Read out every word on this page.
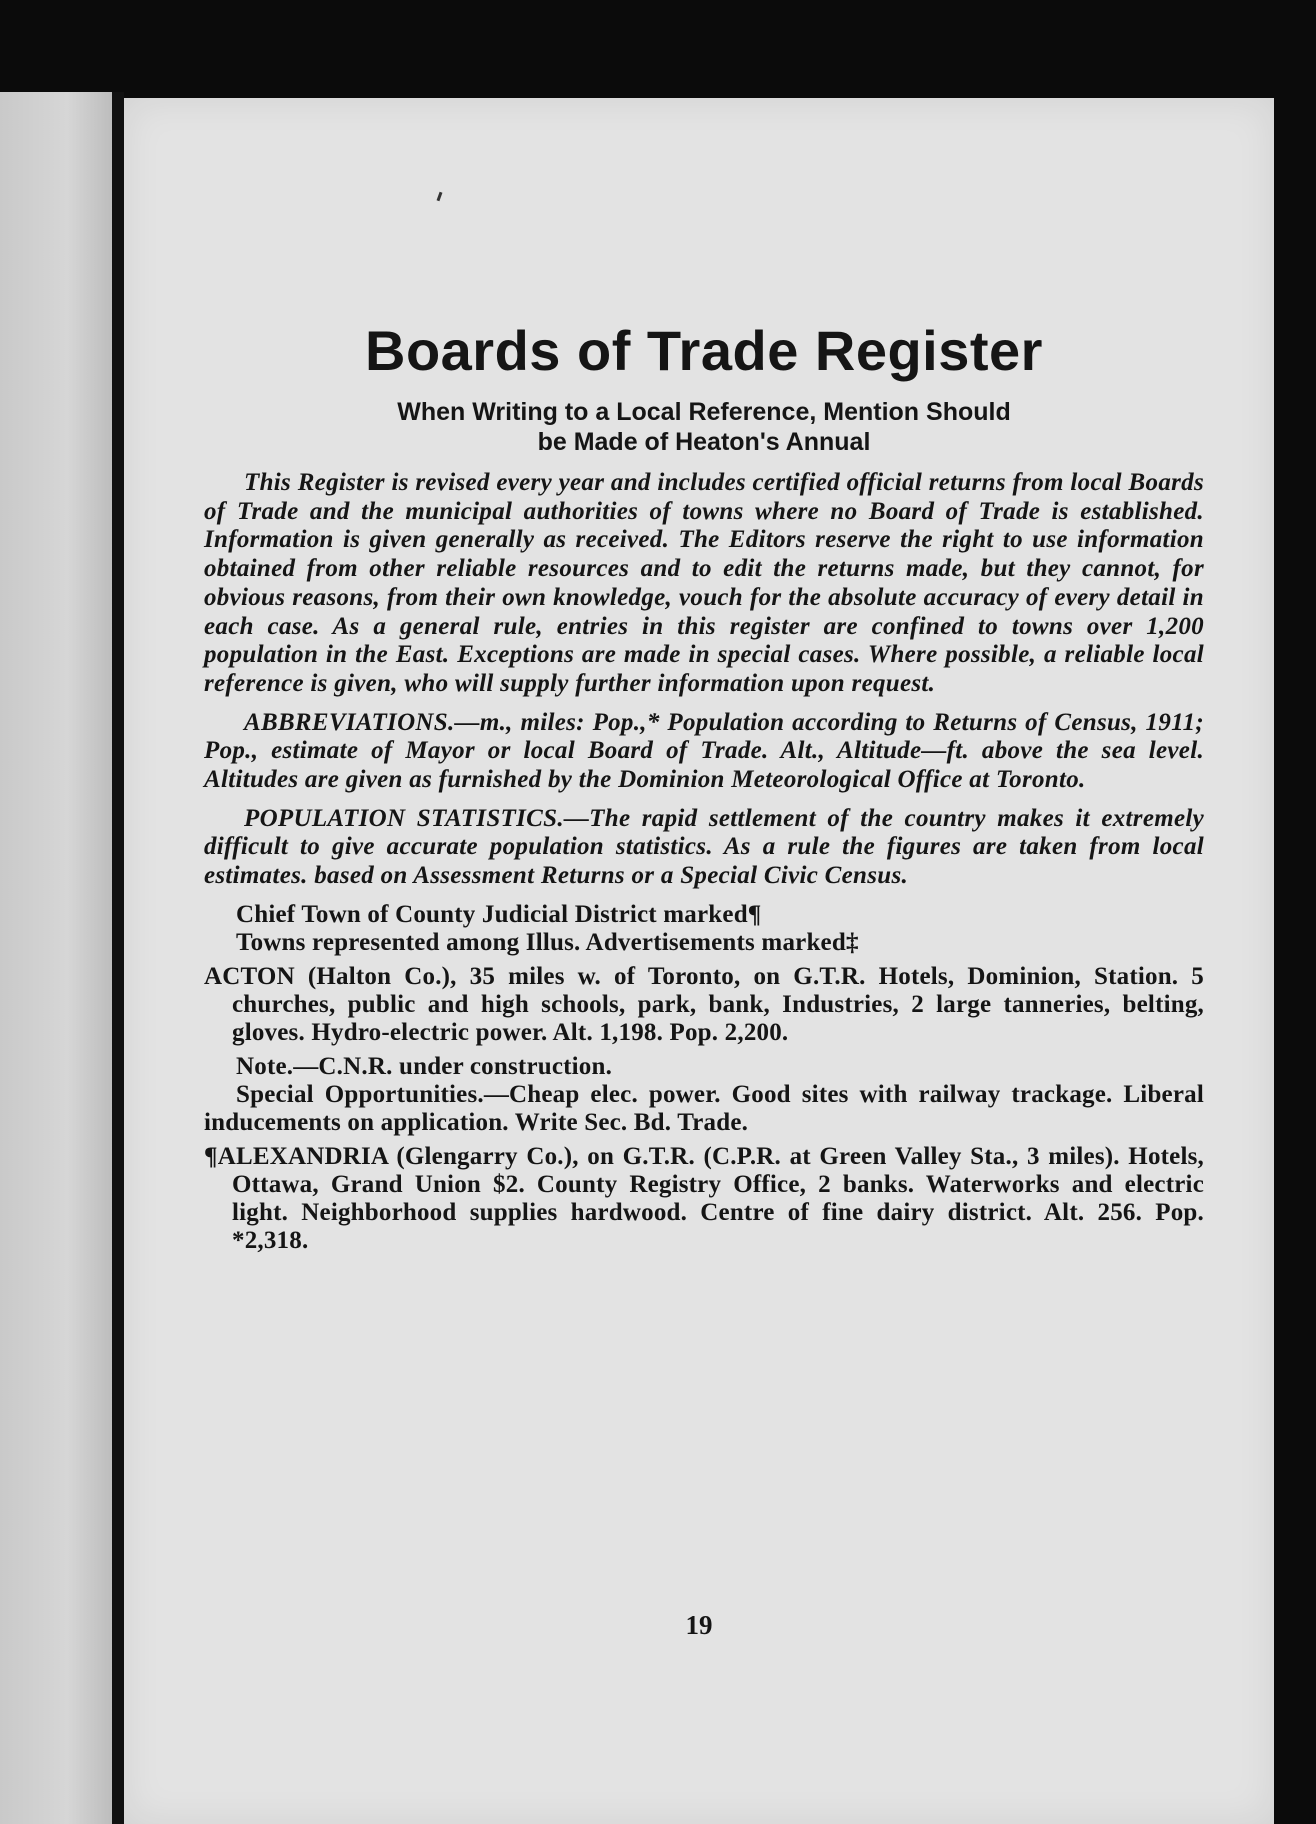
Boards of Trade Register
When Writing to a Local Reference, Mention Should
be Made of Heaton's Annual

This Register is revised every year and includes certified official returns from local Boards of Trade and the municipal authorities of towns where no Board of Trade is established. Information is given generally as received. The Editors reserve the right to use information obtained from other reliable resources and to edit the returns made, but they cannot, for obvious reasons, from their own knowledge, vouch for the absolute accuracy of every detail in each case. As a general rule, entries in this register are confined to towns over 1,200 population in the East. Exceptions are made in special cases. Where possible, a reliable local reference is given, who will supply further information upon request.

ABBREVIATIONS.—m., miles: Pop.,* Population according to Returns of Census, 1911; Pop., estimate of Mayor or local Board of Trade. Alt., Altitude—ft. above the sea level. Altitudes are given as furnished by the Dominion Meteorological Office at Toronto.

POPULATION STATISTICS.—The rapid settlement of the country makes it extremely difficult to give accurate population statistics. As a rule the figures are taken from local estimates. based on Assessment Returns or a Special Civic Census.

Chief Town of County Judicial District marked¶

Towns represented among Illus. Advertisements marked‡

ACTON (Halton Co.), 35 miles w. of Toronto, on G.T.R. Hotels, Dominion, Station. 5 churches, public and high schools, park, bank, Industries, 2 large tanneries, belting, gloves. Hydro-electric power. Alt. 1,198. Pop. 2,200.

Note.—C.N.R. under construction.

Special Opportunities.—Cheap elec. power. Good sites with railway trackage. Liberal inducements on application. Write Sec. Bd. Trade.

¶ALEXANDRIA (Glengarry Co.), on G.T.R. (C.P.R. at Green Valley Sta., 3 miles). Hotels, Ottawa, Grand Union $2. County Registry Office, 2 banks. Waterworks and electric light. Neighborhood supplies hardwood. Centre of fine dairy district. Alt. 256. Pop. *2,318.

19
